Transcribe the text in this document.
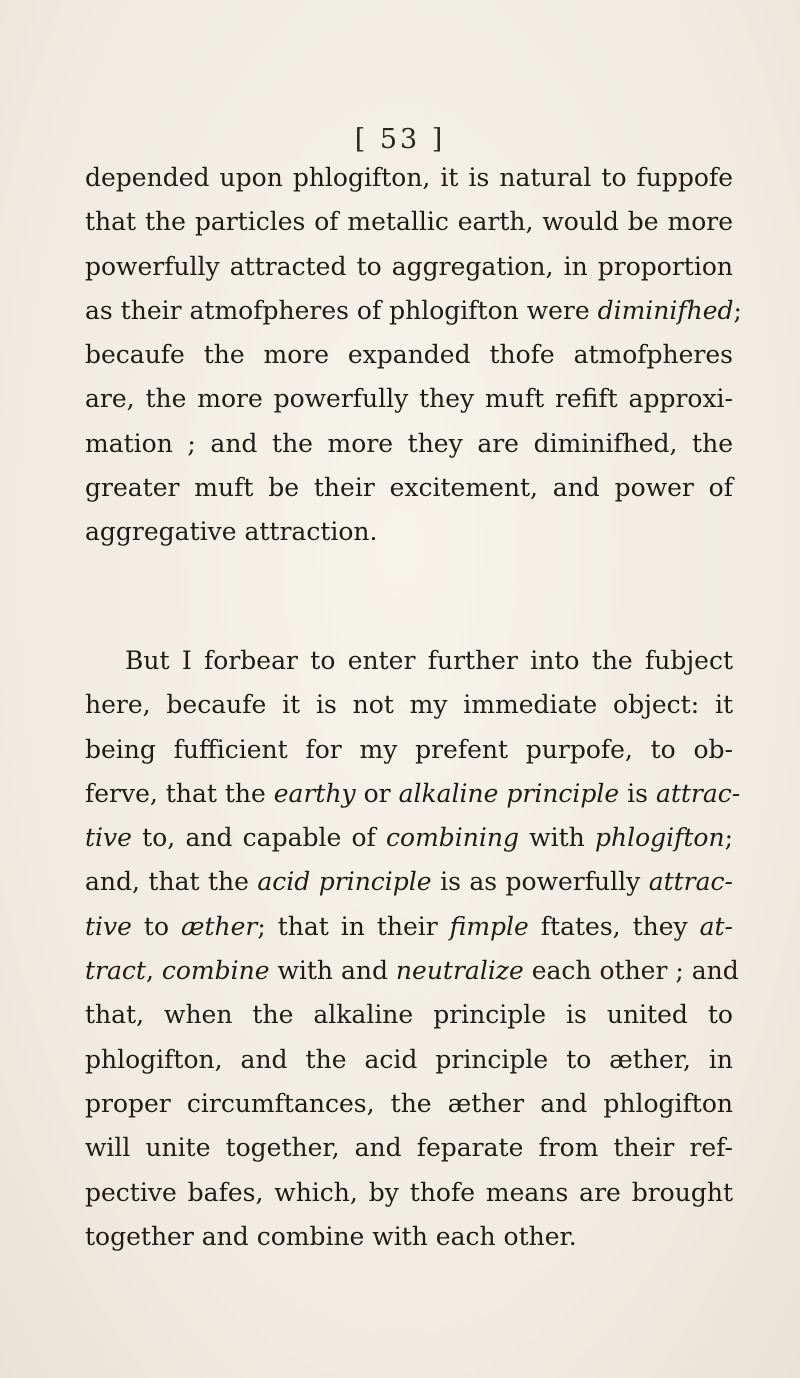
[ 53 ]
depended upon phlogifton, it is natural to fuppofe
that the particles of metallic earth, would be more
powerfully attracted to aggregation, in proportion
as their atmofpheres of phlogifton were diminifhed;
becaufe the more expanded thofe atmofpheres
are, the more powerfully they muft refift approxi-
mation ; and the more they are diminifhed, the
greater muft be their excitement, and power of
aggregative attraction.
But I forbear to enter further into the fubject
here, becaufe it is not my immediate object: it
being fufficient for my prefent purpofe, to ob-
ferve, that the earthy or alkaline principle is attrac-
tive to, and capable of combining with phlogifton;
and, that the acid principle is as powerfully attrac-
tive to æther; that in their fimple ftates, they at-
tract, combine with and neutralize each other ; and
that, when the alkaline principle is united to
phlogifton, and the acid principle to æther, in
proper circumftances, the æther and phlogifton
will unite together, and feparate from their ref-
pective bafes, which, by thofe means are brought
together and combine with each other.
